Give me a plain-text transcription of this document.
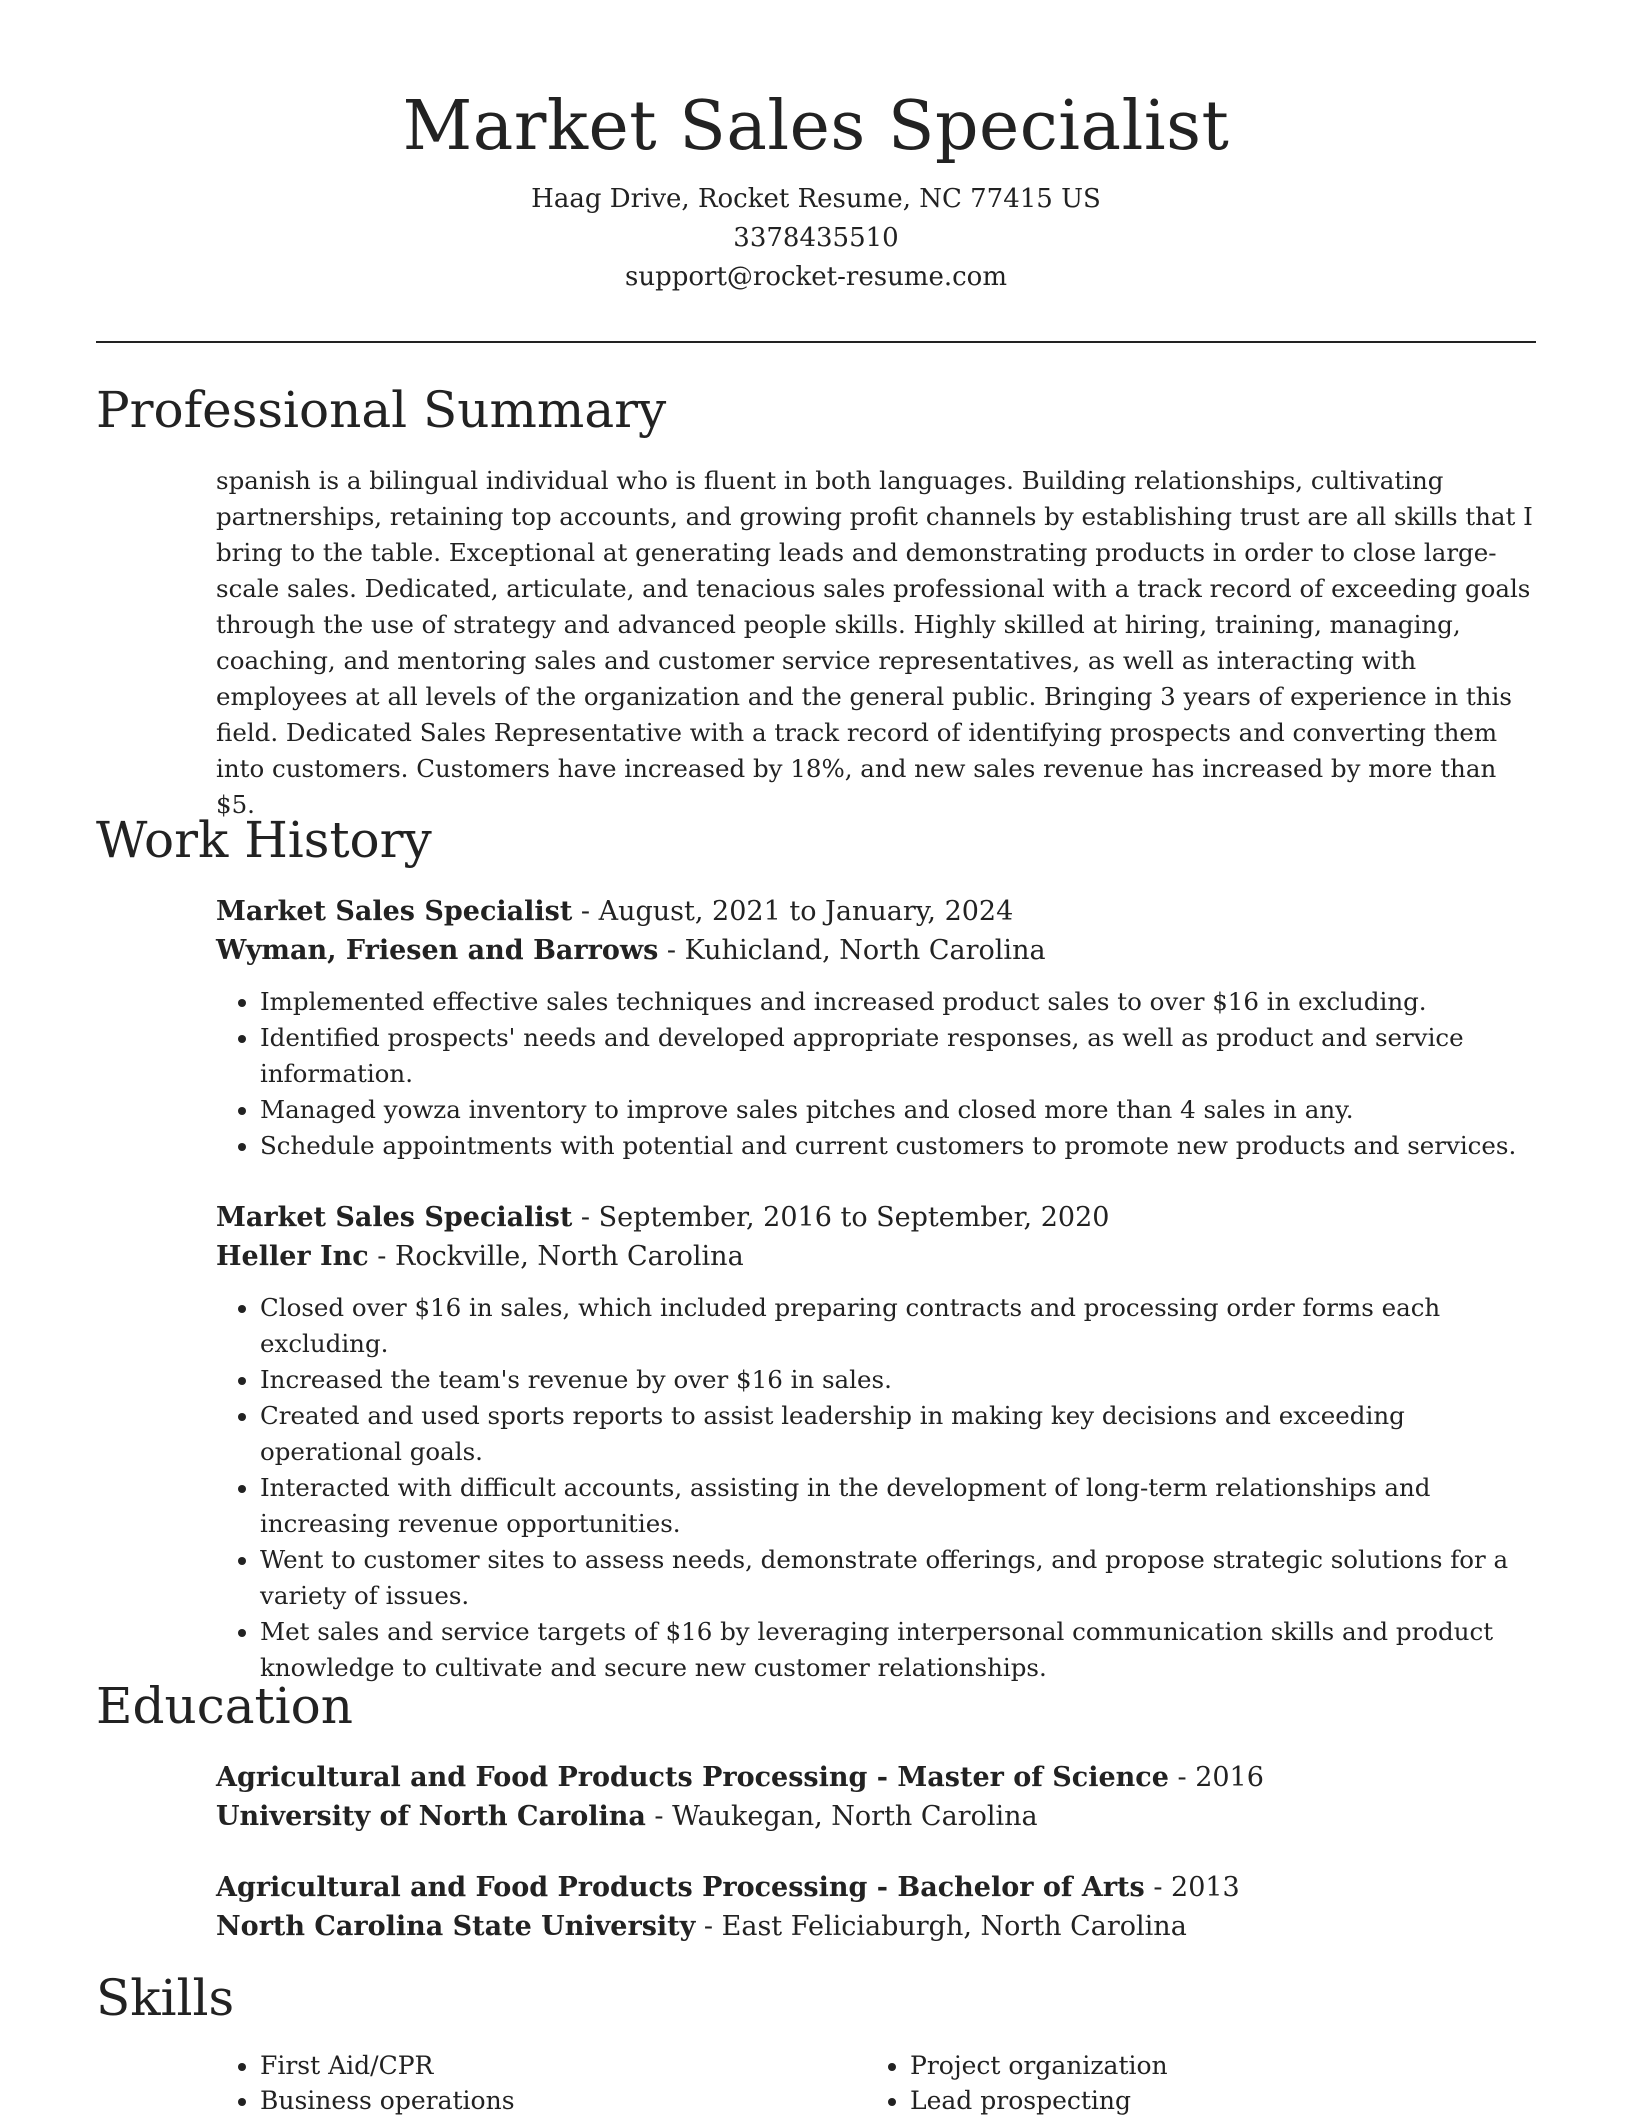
Market Sales Specialist

Haag Drive, Rocket Resume, NC 77415 US

3378435510

support@rocket-resume.com

Professional Summary

spanish is a bilingual individual who is fluent in both languages. Building relationships, cultivating partnerships, retaining top accounts, and growing profit channels by establishing trust are all skills that I bring to the table. Exceptional at generating leads and demonstrating products in order to close large-scale sales. Dedicated, articulate, and tenacious sales professional with a track record of exceeding goals through the use of strategy and advanced people skills. Highly skilled at hiring, training, managing, coaching, and mentoring sales and customer service representatives, as well as interacting with employees at all levels of the organization and the general public. Bringing 3 years of experience in this field. Dedicated Sales Representative with a track record of identifying prospects and converting them into customers. Customers have increased by 18%, and new sales revenue has increased by more than $5.

Work History

Market Sales Specialist - August, 2021 to January, 2024

Wyman, Friesen and Barrows - Kuhicland, North Carolina

• Implemented effective sales techniques and increased product sales to over $16 in excluding.
• Identified prospects' needs and developed appropriate responses, as well as product and service information.
• Managed yowza inventory to improve sales pitches and closed more than 4 sales in any.
• Schedule appointments with potential and current customers to promote new products and services.

Market Sales Specialist - September, 2016 to September, 2020

Heller Inc - Rockville, North Carolina

• Closed over $16 in sales, which included preparing contracts and processing order forms each excluding.
• Increased the team's revenue by over $16 in sales.
• Created and used sports reports to assist leadership in making key decisions and exceeding operational goals.
• Interacted with difficult accounts, assisting in the development of long-term relationships and increasing revenue opportunities.
• Went to customer sites to assess needs, demonstrate offerings, and propose strategic solutions for a variety of issues.
• Met sales and service targets of $16 by leveraging interpersonal communication skills and product knowledge to cultivate and secure new customer relationships.
Education

Agricultural and Food Products Processing - Master of Science - 2016

University of North Carolina - Waukegan, North Carolina

Agricultural and Food Products Processing - Bachelor of Arts - 2013

North Carolina State University - East Feliciaburgh, North Carolina

Skills
• First Aid/CPR
• Business operations
• Project organization
• Lead prospecting
